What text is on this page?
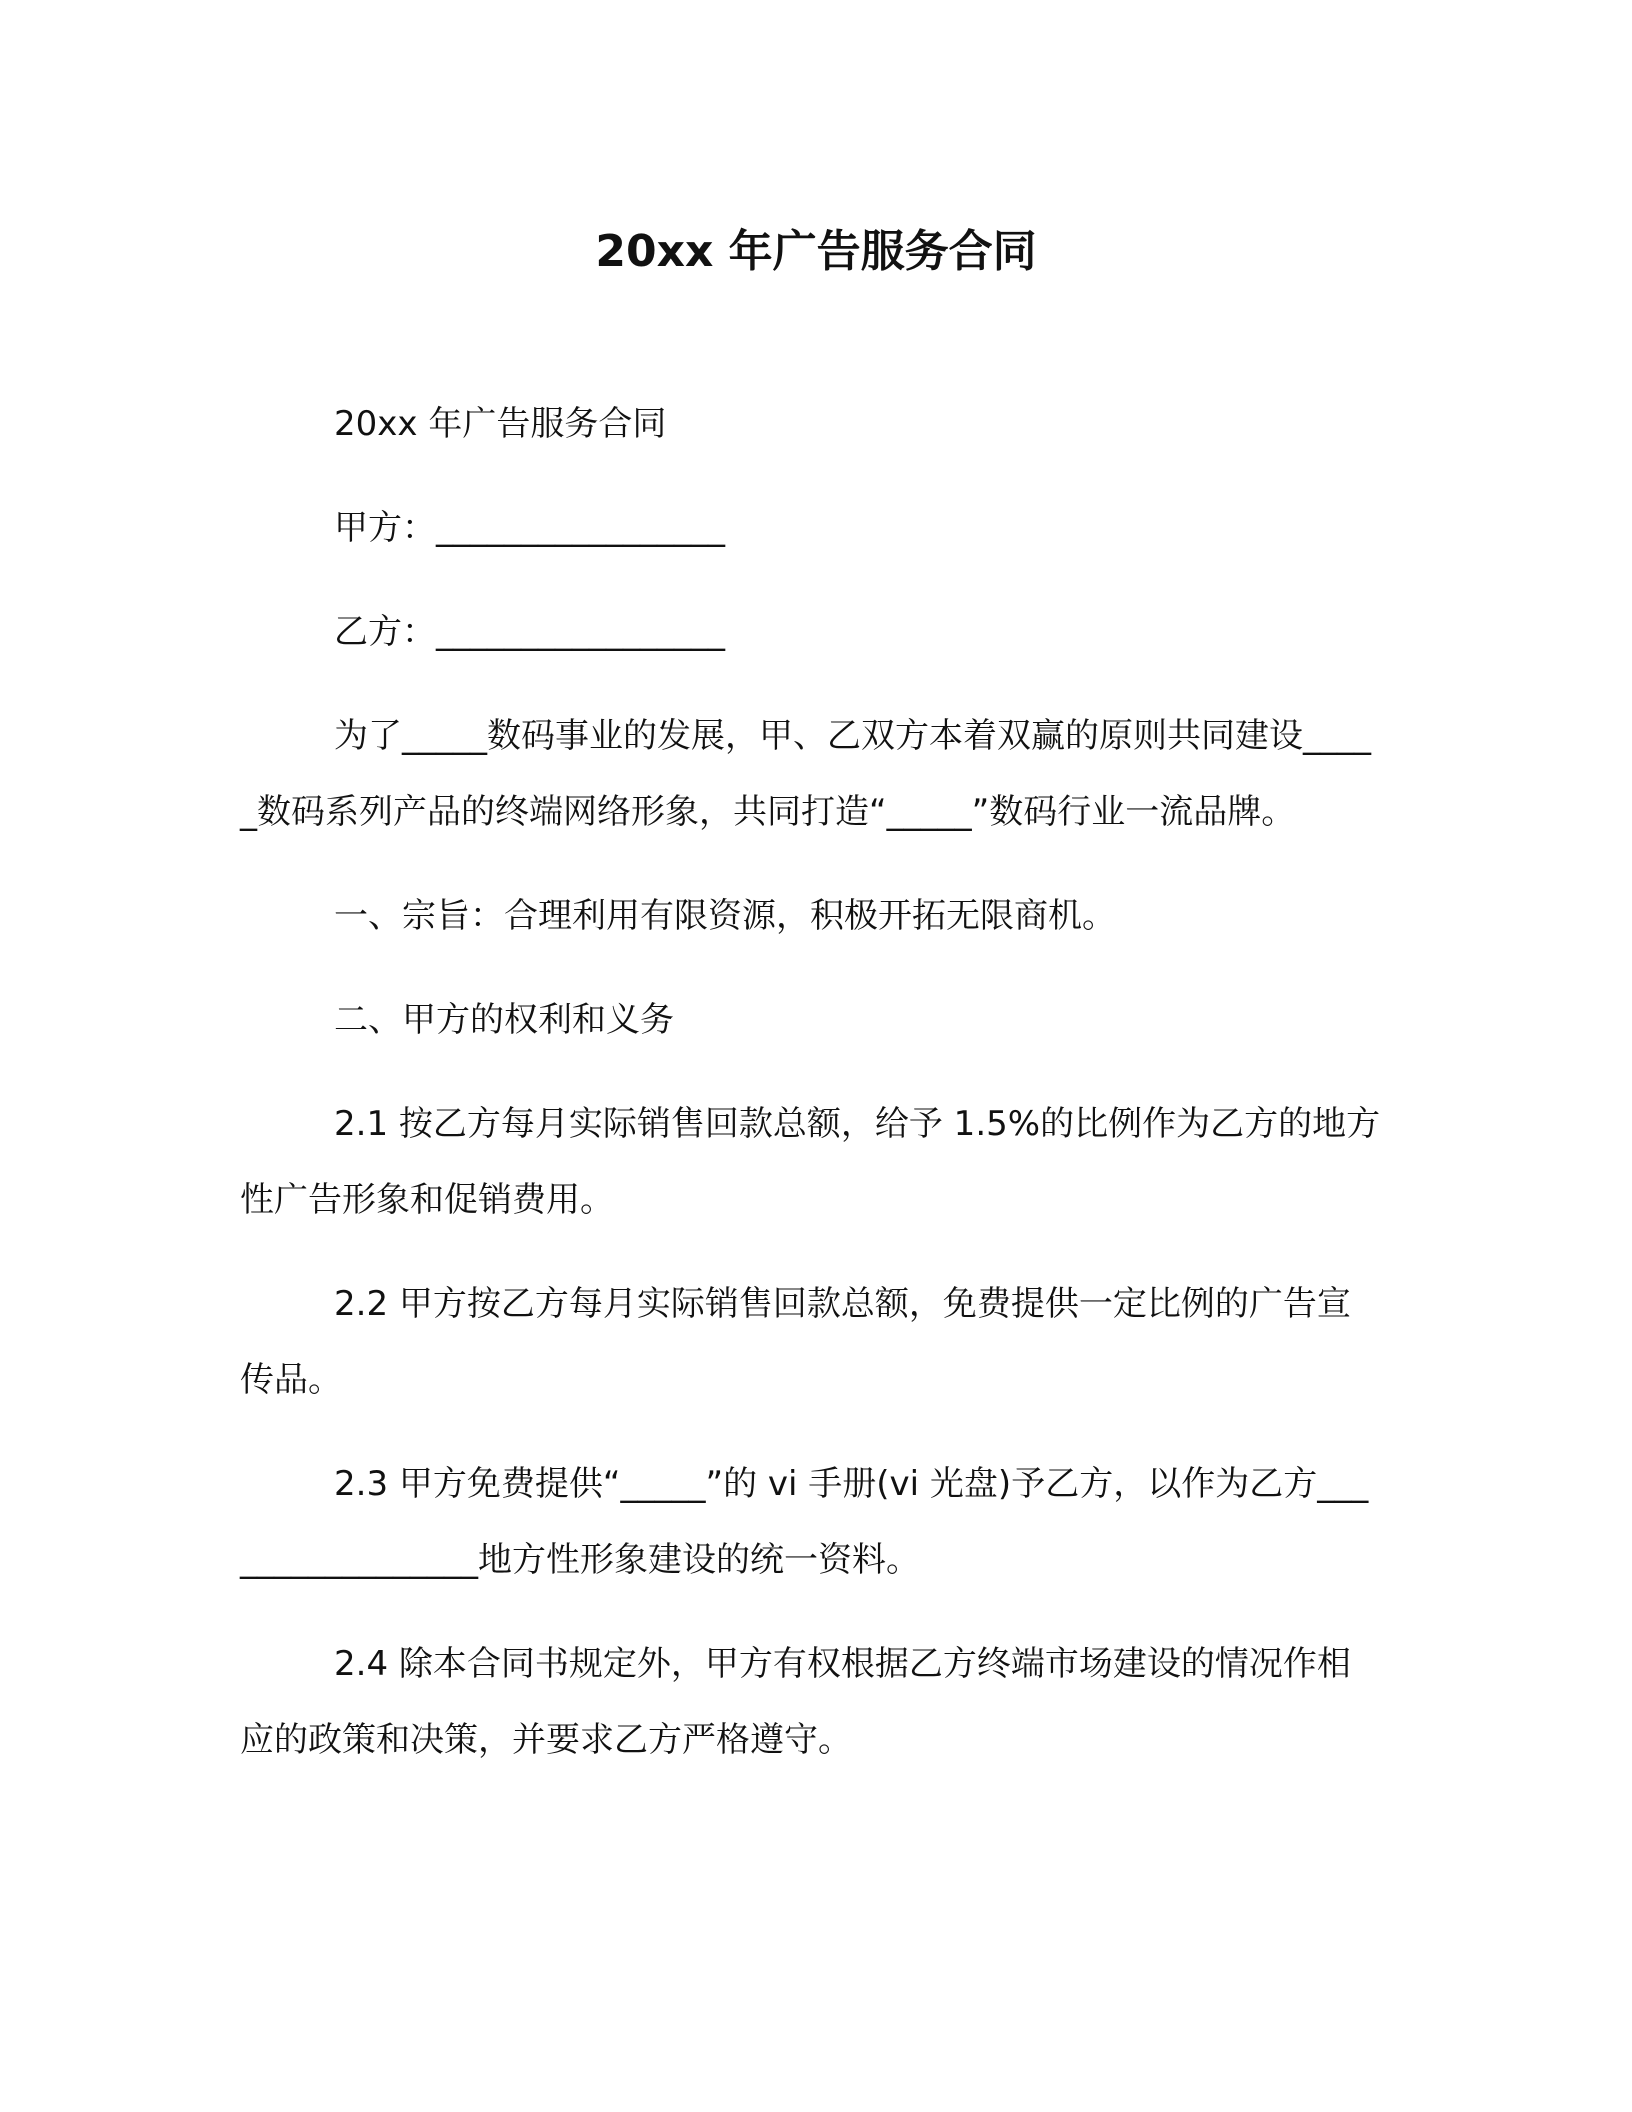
20xx 年广告服务合同

20xx 年广告服务合同

甲方：_________________

乙方：_________________

为了_____数码事业的发展，甲、乙双方本着双赢的原则共同建设_____数码系列产品的终端网络形象，共同打造“_____”数码行业一流品牌。

一、宗旨：合理利用有限资源，积极开拓无限商机。

二、甲方的权利和义务

2.1 按乙方每月实际销售回款总额，给予 1.5%的比例作为乙方的地方性广告形象和促销费用。

2.2 甲方按乙方每月实际销售回款总额，免费提供一定比例的广告宣传品。

2.3 甲方免费提供“_____”的 vi 手册(vi 光盘)予乙方，以作为乙方_________________地方性形象建设的统一资料。

2.4 除本合同书规定外，甲方有权根据乙方终端市场建设的情况作相应的政策和决策，并要求乙方严格遵守。
